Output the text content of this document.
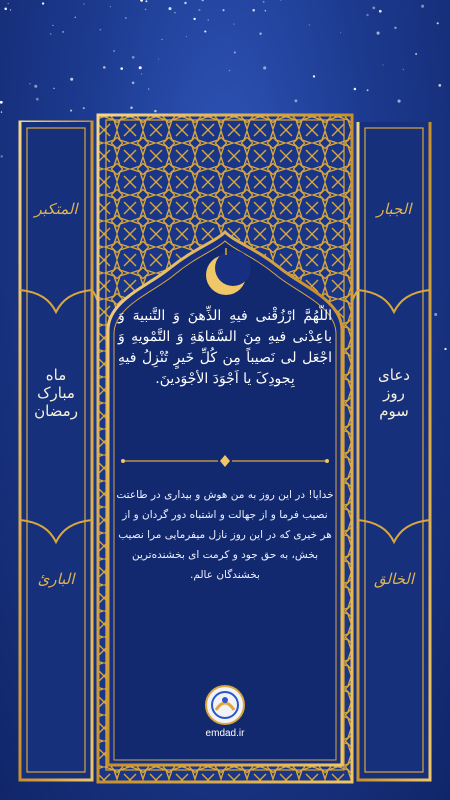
المتکبر
ماه
مبارک
رمضان
البارئ
الجبار
دعای
روز
سوم
الخالق
اللّهُمَّ ارْزُقْنی فیهِ الذِّهنَ وَ التَّنبیهَ وَ باعِدْنی فیهِ مِنَ السَّفاهَةِ وَ التَّمْویهِ وَ اجْعَل لی نَصیباً مِن کُلِّ خَیرٍ تُنْزِلُ فیهِ بِجودِکَ یا اَجْوَدَ الأجْوَدینَ.
خدایا! در این روز به من هوش و بیداری در طاعتت نصیب فرما و از جهالت و اشتباه دور گردان و از هر خیری که در این روز نازل میفرمایی مرا نصیب بخش، به حق جود و کرمت ای بخشنده‌ترین بخشندگان عالم.
emdad.ir
